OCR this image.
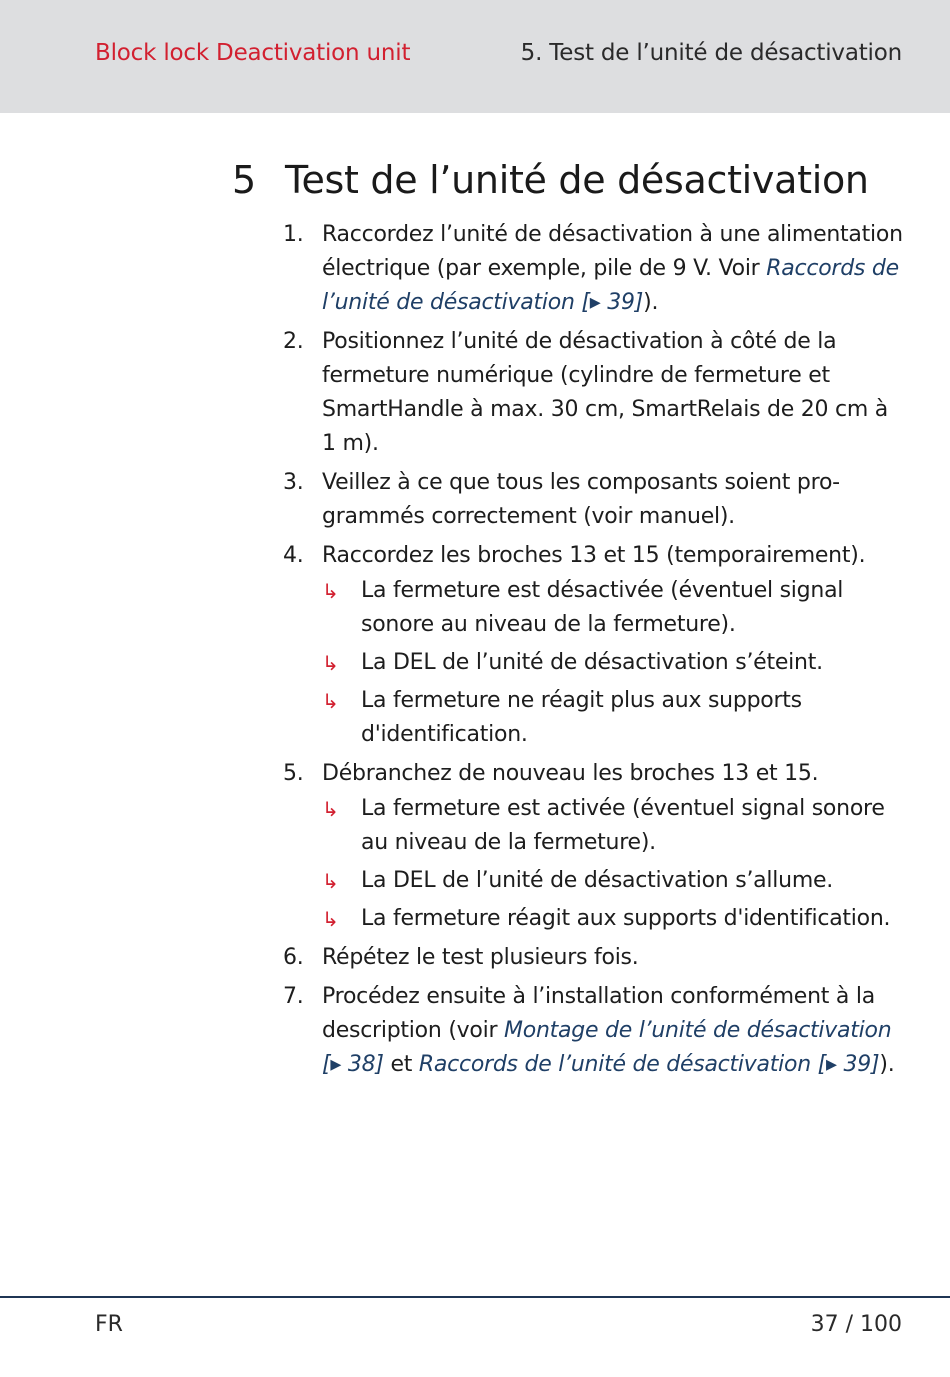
Block lock Deactivation unit	5. Test de l’unité de désactivation
5 Test de l’unité de désactivation
1. Raccordez l’unité de désactivation à une alimentation électrique (par exemple, pile de 9 V. Voir Raccords de l’unité de désactivation [▸ 39]).
2. Positionnez l’unité de désactivation à côté de la fermeture numérique (cylindre de fermeture et SmartHandle à max. 30 cm, SmartRelais de 20 cm à 1 m).
3. Veillez à ce que tous les composants soient programmés correctement (voir manuel).
4. Raccordez les broches 13 et 15 (temporairement).
↳ La fermeture est désactivée (éventuel signal sonore au niveau de la fermeture).
↳ La DEL de l’unité de désactivation s’éteint.
↳ La fermeture ne réagit plus aux supports d'identification.
5. Débranchez de nouveau les broches 13 et 15.
↳ La fermeture est activée (éventuel signal sonore au niveau de la fermeture).
↳ La DEL de l’unité de désactivation s’allume.
↳ La fermeture réagit aux supports d'identification.
6. Répétez le test plusieurs fois.
7. Procédez ensuite à l’installation conformément à la description (voir Montage de l’unité de désactivation [▸ 38] et Raccords de l’unité de désactivation [▸ 39]).
FR	37 / 100
